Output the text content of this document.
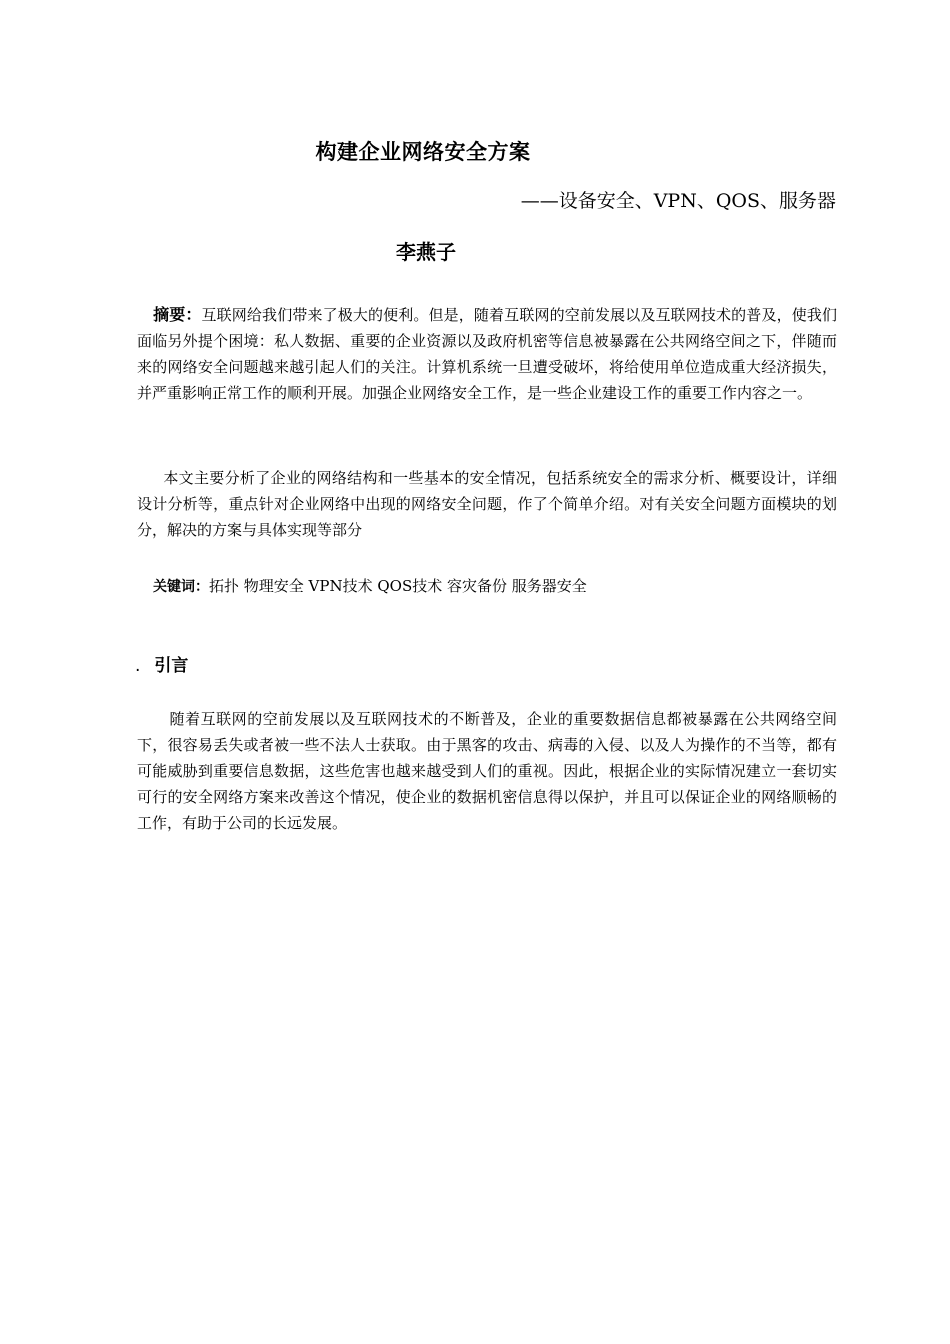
构建企业网络安全方案

——设备安全、VPN、QOS、服务器

李燕子

摘要：互联网给我们带来了极大的便利。但是，随着互联网的空前发展以及互联网技术的普及，使我们面临另外提个困境：私人数据、重要的企业资源以及政府机密等信息被暴露在公共网络空间之下，伴随而来的网络安全问题越来越引起人们的关注。计算机系统一旦遭受破坏，将给使用单位造成重大经济损失，并严重影响正常工作的顺利开展。加强企业网络安全工作，是一些企业建设工作的重要工作内容之一。

本文主要分析了企业的网络结构和一些基本的安全情况，包括系统安全的需求分析、概要设计，详细设计分析等，重点针对企业网络中出现的网络安全问题，作了个简单介绍。对有关安全问题方面模块的划分，解决的方案与具体实现等部分

关键词：拓扑 物理安全 VPN技术 QOS技术 容灾备份 服务器安全

. 引言

随着互联网的空前发展以及互联网技术的不断普及，企业的重要数据信息都被暴露在公共网络空间下，很容易丢失或者被一些不法人士获取。由于黑客的攻击、病毒的入侵、以及人为操作的不当等，都有可能威胁到重要信息数据，这些危害也越来越受到人们的重视。因此，根据企业的实际情况建立一套切实可行的安全网络方案来改善这个情况，使企业的数据机密信息得以保护，并且可以保证企业的网络顺畅的工作，有助于公司的长远发展。
